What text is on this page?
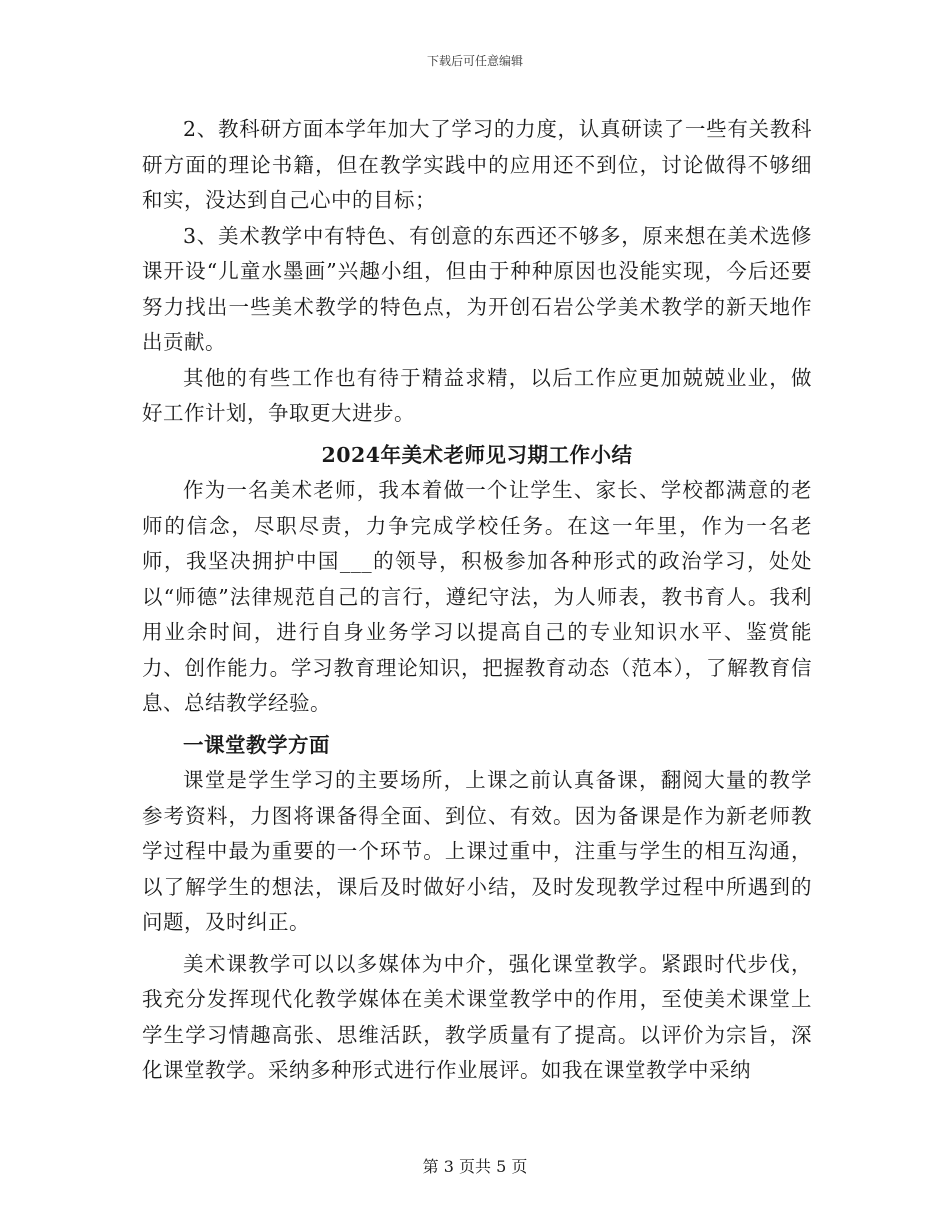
下载后可任意编辑

2、教科研方面本学年加大了学习的力度，认真研读了一些有关教科研方面的理论书籍，但在教学实践中的应用还不到位，讨论做得不够细和实，没达到自己心中的目标；

3、美术教学中有特色、有创意的东西还不够多，原来想在美术选修课开设“儿童水墨画”兴趣小组，但由于种种原因也没能实现，今后还要努力找出一些美术教学的特色点，为开创石岩公学美术教学的新天地作出贡献。

其他的有些工作也有待于精益求精，以后工作应更加兢兢业业，做好工作计划，争取更大进步。

2024年美术老师见习期工作小结

作为一名美术老师，我本着做一个让学生、家长、学校都满意的老师的信念，尽职尽责，力争完成学校任务。在这一年里，作为一名老师，我坚决拥护中国___的领导，积极参加各种形式的政治学习，处处以“师德”法律规范自己的言行，遵纪守法，为人师表，教书育人。我利用业余时间，进行自身业务学习以提高自己的专业知识水平、鉴赏能力、创作能力。学习教育理论知识，把握教育动态（范本），了解教育信息、总结教学经验。

一课堂教学方面

课堂是学生学习的主要场所，上课之前认真备课，翻阅大量的教学参考资料，力图将课备得全面、到位、有效。因为备课是作为新老师教学过程中最为重要的一个环节。上课过重中，注重与学生的相互沟通，以了解学生的想法，课后及时做好小结，及时发现教学过程中所遇到的问题，及时纠正。

美术课教学可以以多媒体为中介，强化课堂教学。紧跟时代步伐，我充分发挥现代化教学媒体在美术课堂教学中的作用，至使美术课堂上学生学习情趣高张、思维活跃，教学质量有了提高。以评价为宗旨，深化课堂教学。采纳多种形式进行作业展评。如我在课堂教学中采纳

第 3 页共 5 页
